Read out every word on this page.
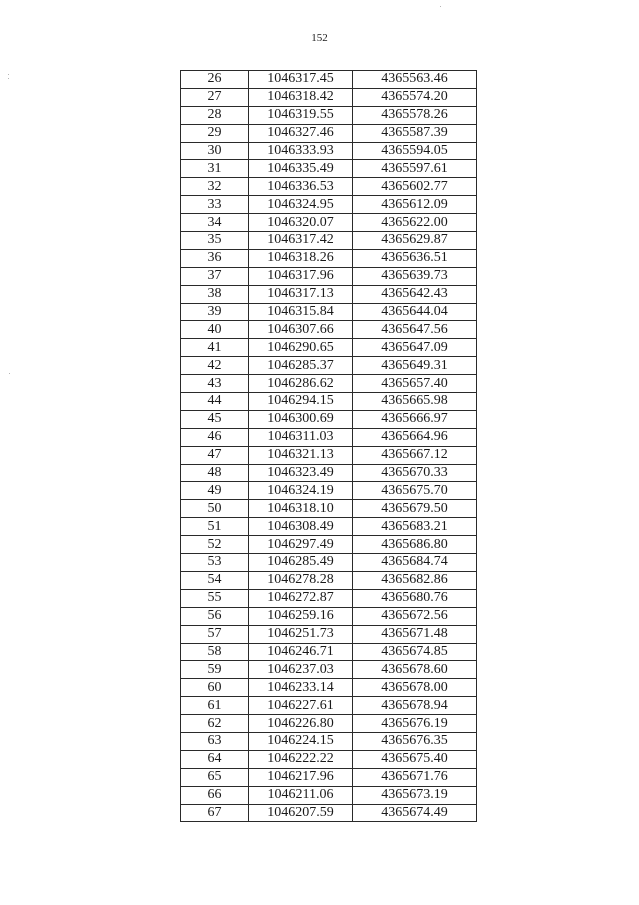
152
26	1046317.45	4365563.46
27	1046318.42	4365574.20
28	1046319.55	4365578.26
29	1046327.46	4365587.39
30	1046333.93	4365594.05
31	1046335.49	4365597.61
32	1046336.53	4365602.77
33	1046324.95	4365612.09
34	1046320.07	4365622.00
35	1046317.42	4365629.87
36	1046318.26	4365636.51
37	1046317.96	4365639.73
38	1046317.13	4365642.43
39	1046315.84	4365644.04
40	1046307.66	4365647.56
41	1046290.65	4365647.09
42	1046285.37	4365649.31
43	1046286.62	4365657.40
44	1046294.15	4365665.98
45	1046300.69	4365666.97
46	1046311.03	4365664.96
47	1046321.13	4365667.12
48	1046323.49	4365670.33
49	1046324.19	4365675.70
50	1046318.10	4365679.50
51	1046308.49	4365683.21
52	1046297.49	4365686.80
53	1046285.49	4365684.74
54	1046278.28	4365682.86
55	1046272.87	4365680.76
56	1046259.16	4365672.56
57	1046251.73	4365671.48
58	1046246.71	4365674.85
59	1046237.03	4365678.60
60	1046233.14	4365678.00
61	1046227.61	4365678.94
62	1046226.80	4365676.19
63	1046224.15	4365676.35
64	1046222.22	4365675.40
65	1046217.96	4365671.76
66	1046211.06	4365673.19
67	1046207.59	4365674.49
